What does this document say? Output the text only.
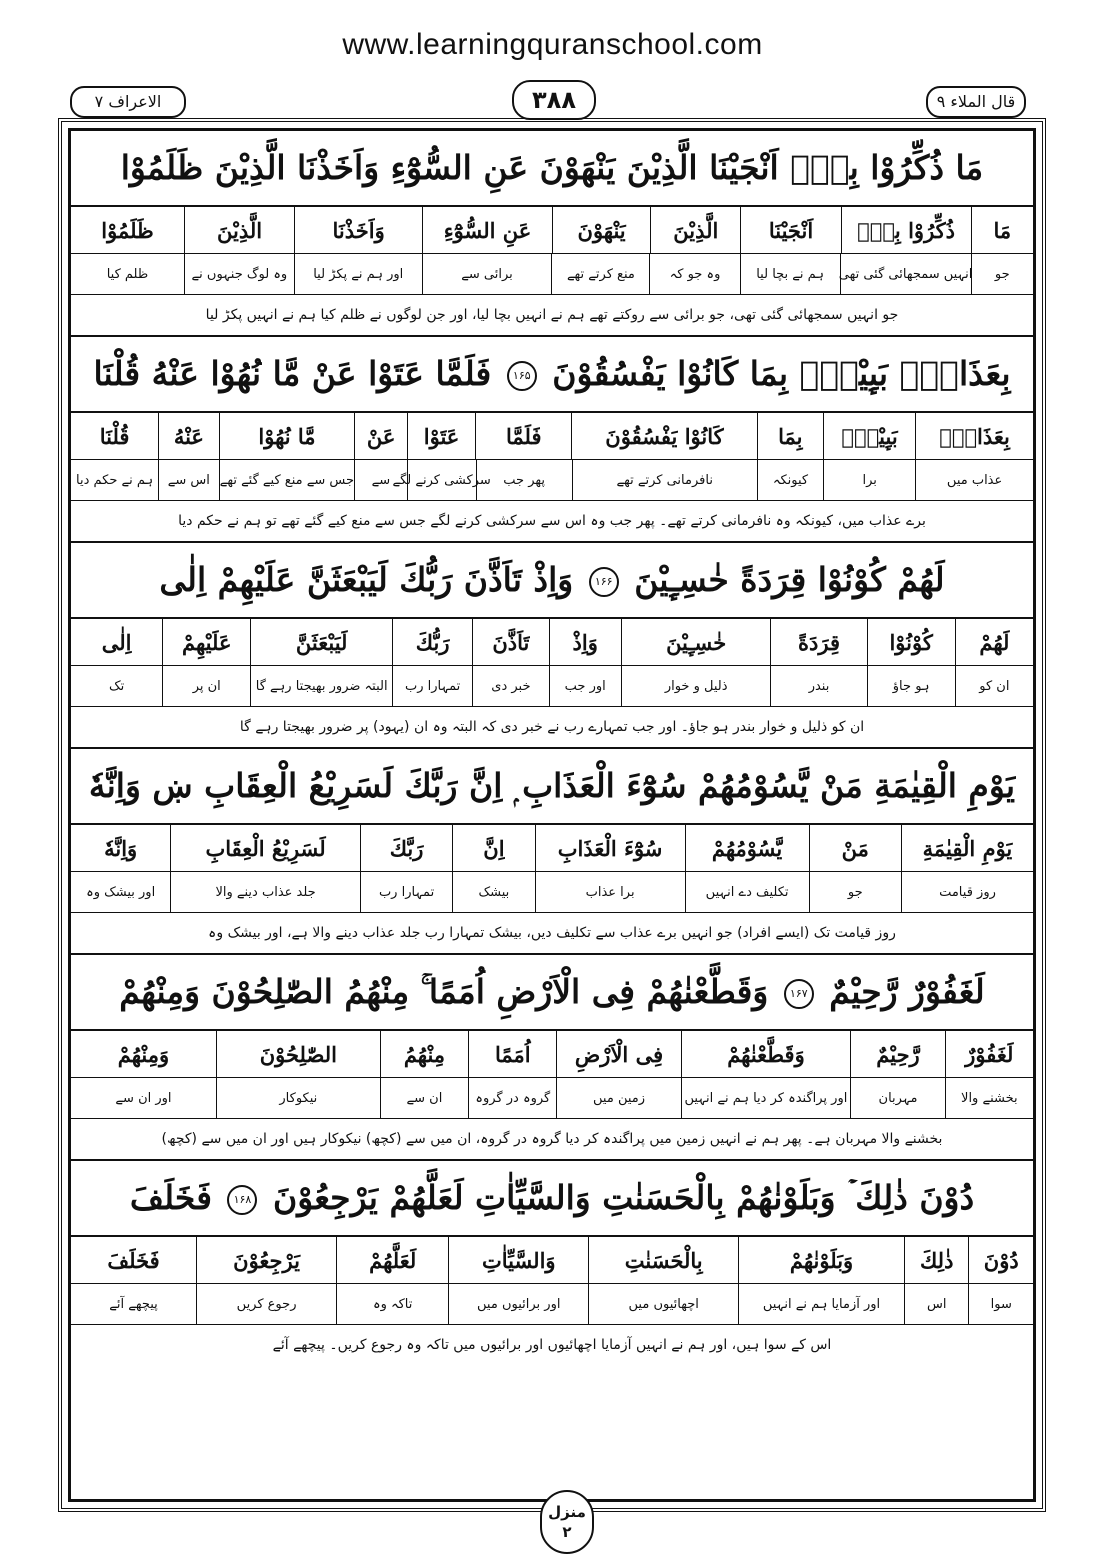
www.learningquranschool.com
الاعراف ۷	۳۸۸	قال الملاء ۹
مَا ذُكِّرُوْا بِهٖٓ اَنْجَيْنَا الَّذِيْنَ يَنْهَوْنَ عَنِ السُّوْٓءِ وَاَخَذْنَا الَّذِيْنَ ظَلَمُوْا
مَا
ذُكِّرُوْا بِهٖٓ
اَنْجَيْنَا
الَّذِيْنَ
يَنْهَوْنَ
عَنِ السُّوْٓءِ
وَاَخَذْنَا
الَّذِيْنَ
ظَلَمُوْا
جو
انہیں سمجھائی گئی تھی
ہم نے بچا لیا
وہ جو کہ
منع کرتے تھے
برائی سے
اور ہم نے پکڑ لیا
وہ لوگ جنہوں نے
ظلم کیا
جو انہیں سمجھائی گئی تھی، جو برائی سے روکتے تھے ہم نے انہیں بچا لیا، اور جن لوگوں نے ظلم کیا ہم نے انہیں پکڑ لیا
بِعَذَابٍۢ بَىِٕيْسٍۢ بِمَا كَانُوْا يَفْسُقُوْنَ ۱۶۵ فَلَمَّا عَتَوْا عَنْ مَّا نُهُوْا عَنْهُ قُلْنَا
بِعَذَابٍۢ
بَىِٕيْسٍۢ
بِمَا
كَانُوْا يَفْسُقُوْنَ
فَلَمَّا
عَتَوْا
عَنْ
مَّا نُهُوْا
عَنْهُ
قُلْنَا
عذاب میں
برا
کیونکہ
نافرمانی کرتے تھے
پھر جب
سرکشی کرنے لگے
سے
جس سے منع کیے گئے تھے
اس سے
ہم نے حکم دیا
برے عذاب میں، کیونکہ وہ نافرمانی کرتے تھے۔ پھر جب وہ اس سے سرکشی کرنے لگے جس سے منع کیے گئے تھے تو ہم نے حکم دیا
لَهُمْ كُوْنُوْا قِرَدَةً خٰسِـِٕيْنَ ۱۶۶ وَاِذْ تَاَذَّنَ رَبُّكَ لَيَبْعَثَنَّ عَلَيْهِمْ اِلٰى
لَهُمْ
كُوْنُوْا
قِرَدَةً
خٰسِـِٕيْنَ
وَاِذْ
تَاَذَّنَ
رَبُّكَ
لَيَبْعَثَنَّ
عَلَيْهِمْ
اِلٰى
ان کو
ہو جاؤ
بندر
ذلیل و خوار
اور جب
خبر دی
تمہارا رب
البتہ ضرور بھیجتا رہے گا
ان پر
تک
ان کو ذلیل و خوار بندر ہو جاؤ۔ اور جب تمہارے رب نے خبر دی کہ البتہ وہ ان (یہود) پر ضرور بھیجتا رہے گا
يَوْمِ الْقِيٰمَةِ مَنْ يَّسُوْمُهُمْ سُوْٓءَ الْعَذَابِ ۭ اِنَّ رَبَّكَ لَسَرِيْعُ الْعِقَابِ ښ وَاِنَّهٗ
يَوْمِ الْقِيٰمَةِ
مَنْ
يَّسُوْمُهُمْ
سُوْٓءَ الْعَذَابِ
اِنَّ
رَبَّكَ
لَسَرِيْعُ الْعِقَابِ
وَاِنَّهٗ
روز قیامت
جو
تکلیف دے انہیں
برا عذاب
بیشک
تمہارا رب
جلد عذاب دینے والا
اور بیشک وہ
روز قیامت تک (ایسے افراد) جو انہیں برے عذاب سے تکلیف دیں، بیشک تمہارا رب جلد عذاب دینے والا ہے، اور بیشک وہ
لَغَفُوْرٌ رَّحِيْمٌ ۱۶۷ وَقَطَّعْنٰهُمْ فِى الْاَرْضِ اُمَمًا ۚ مِنْهُمُ الصّٰلِحُوْنَ وَمِنْهُمْ
لَغَفُوْرٌ
رَّحِيْمٌ
وَقَطَّعْنٰهُمْ
فِى الْاَرْضِ
اُمَمًا
مِنْهُمُ
الصّٰلِحُوْنَ
وَمِنْهُمْ
بخشنے والا
مہربان
اور پراگندہ کر دیا ہم نے انہیں
زمین میں
گروہ در گروہ
ان سے
نیکوکار
اور ان سے
بخشنے والا مہربان ہے۔ پھر ہم نے انہیں زمین میں پراگندہ کر دیا گروہ در گروہ، ان میں سے (کچھ) نیکوکار ہیں اور ان میں سے (کچھ)
دُوْنَ ذٰلِكَ ۡ وَبَلَوْنٰهُمْ بِالْحَسَنٰتِ وَالسَّيِّاٰتِ لَعَلَّهُمْ يَرْجِعُوْنَ ۱۶۸ فَخَلَفَ
دُوْنَ
ذٰلِكَ
وَبَلَوْنٰهُمْ
بِالْحَسَنٰتِ
وَالسَّيِّاٰتِ
لَعَلَّهُمْ
يَرْجِعُوْنَ
فَخَلَفَ
سوا
اس
اور آزمایا ہم نے انہیں
اچھائیوں میں
اور برائیوں میں
تاکہ وہ
رجوع کریں
پیچھے آئے
اس کے سوا ہیں، اور ہم نے انہیں آزمایا اچھائیوں اور برائیوں میں تاکہ وہ رجوع کریں۔ پیچھے آئے
منزل
۲
